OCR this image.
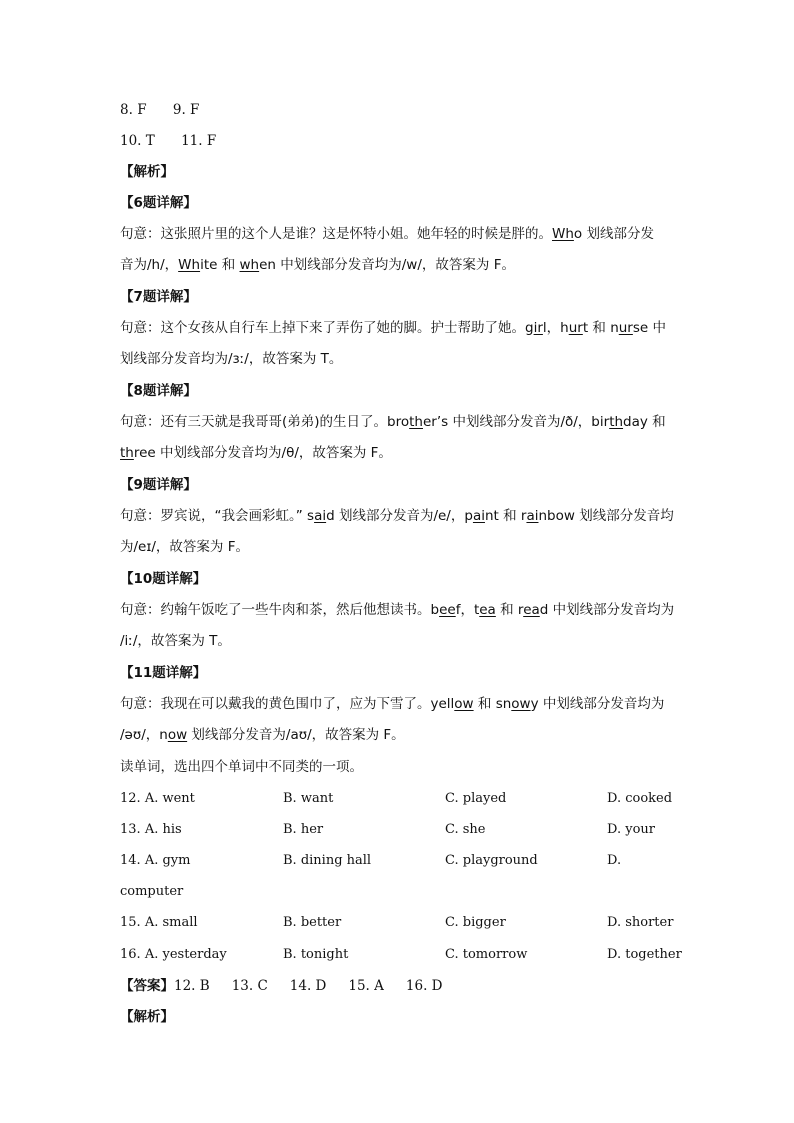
8. F 9. F
10. T 11. F
【解析】
【6题详解】
句意：这张照片里的这个人是谁？这是怀特小姐。她年轻的时候是胖的。Who 划线部分发
音为/h/，White 和 when 中划线部分发音均为/w/，故答案为 F。
【7题详解】
句意：这个女孩从自行车上掉下来了弄伤了她的脚。护士帮助了她。girl，hurt 和 nurse 中
划线部分发音均为/ɜː/，故答案为 T。
【8题详解】
句意：还有三天就是我哥哥(弟弟)的生日了。brother’s 中划线部分发音为/ð/，birthday 和
three 中划线部分发音均为/θ/，故答案为 F。
【9题详解】
句意：罗宾说，“我会画彩虹。” said 划线部分发音为/e/，paint 和 rainbow 划线部分发音均
为/eɪ/，故答案为 F。
【10题详解】
句意：约翰午饭吃了一些牛肉和茶，然后他想读书。beef，tea 和 read 中划线部分发音均为
/iː/，故答案为 T。
【11题详解】
句意：我现在可以戴我的黄色围巾了，应为下雪了。yellow 和 snowy 中划线部分发音均为
/əʊ/，now 划线部分发音为/aʊ/，故答案为 F。
读单词，选出四个单词中不同类的一项。
12. A. went	B. want	C. played	D. cooked
13. A. his	B. her	C. she	D. your
14. A. gym	B. dining hall	C. playground	D.
computer
15. A. small	B. better	C. bigger	D. shorter
16. A. yesterday	B. tonight	C. tomorrow	D. together
【答案】12. B 13. C 14. D 15. A 16. D
【解析】
